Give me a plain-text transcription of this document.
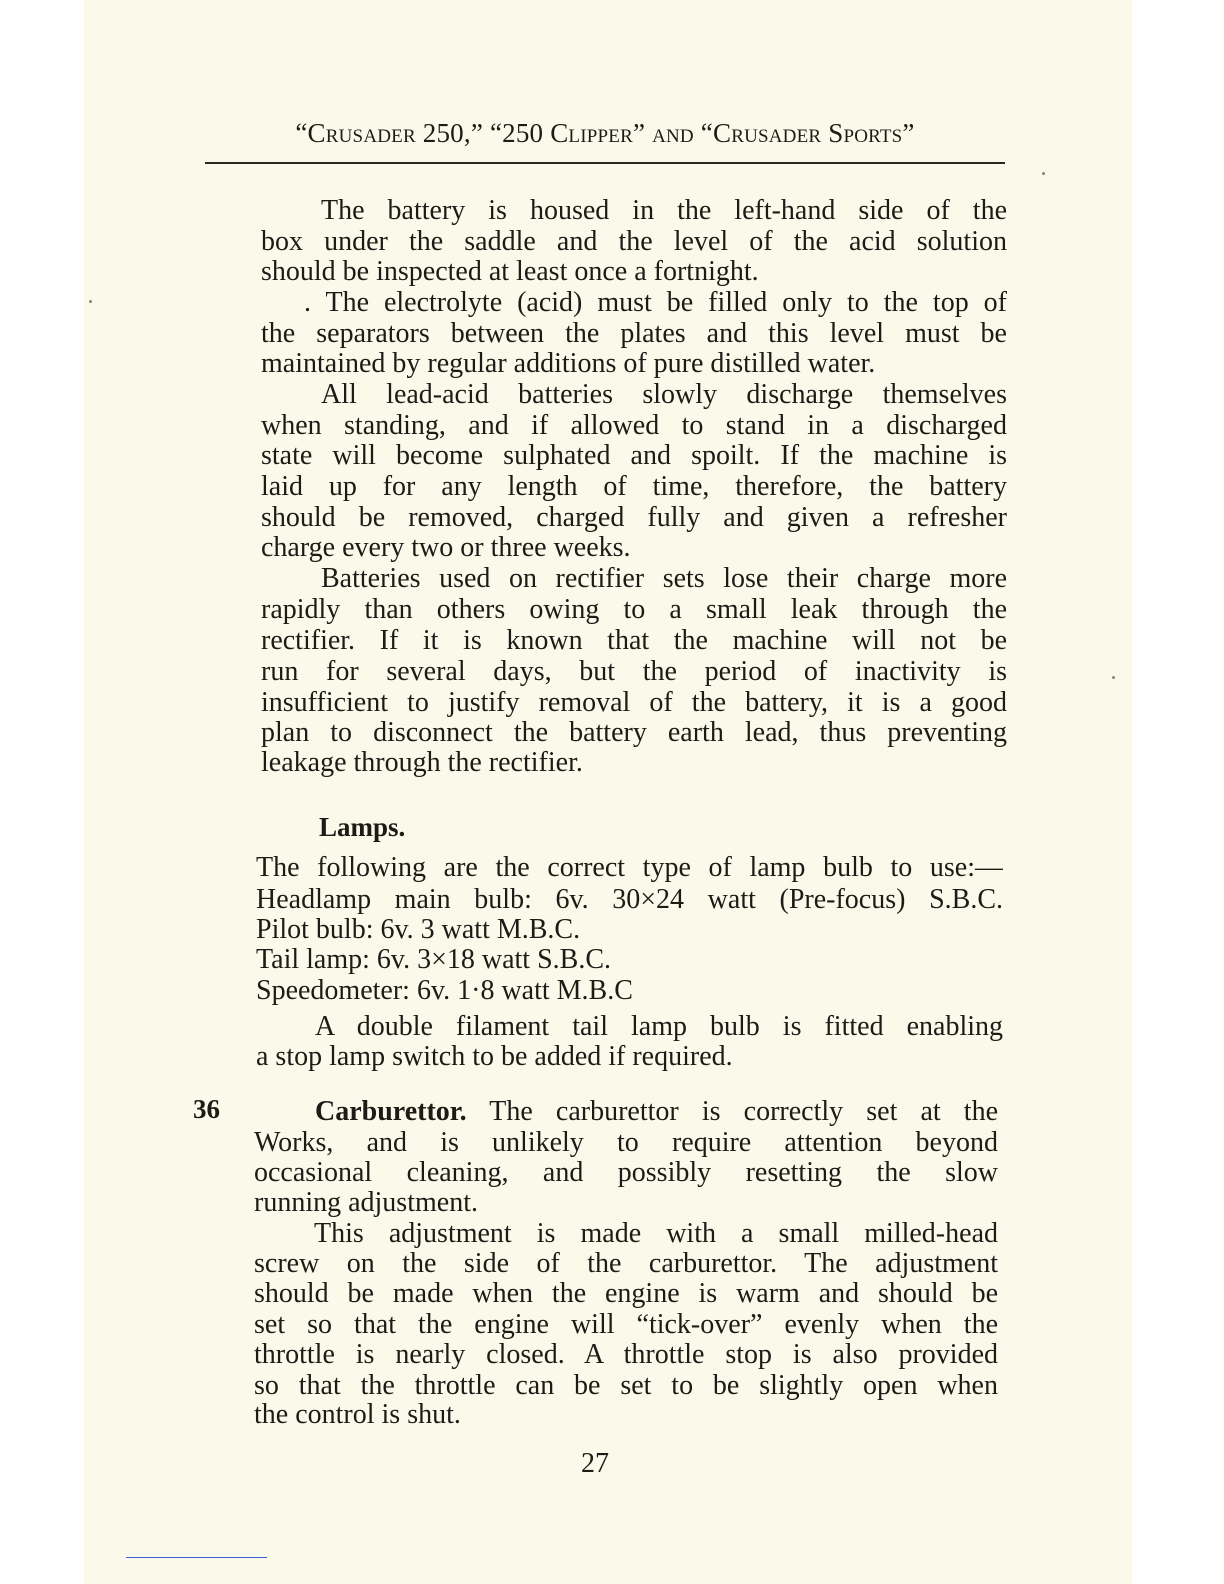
“Crusader 250,” “250 Clipper” and “Crusader Sports”
The battery is housed in the left-hand side of the
box under the saddle and the level of the acid solution
should be inspected at least once a fortnight.
. The electrolyte (acid) must be filled only to the top of
the separators between the plates and this level must be
maintained by regular additions of pure distilled water.
All lead-acid batteries slowly discharge themselves
when standing, and if allowed to stand in a discharged
state will become sulphated and spoilt. If the machine is
laid up for any length of time, therefore, the battery
should be removed, charged fully and given a refresher
charge every two or three weeks.
Batteries used on rectifier sets lose their charge more
rapidly than others owing to a small leak through the
rectifier. If it is known that the machine will not be
run for several days, but the period of inactivity is
insufficient to justify removal of the battery, it is a good
plan to disconnect the battery earth lead, thus preventing
leakage through the rectifier.
Lamps.
The following are the correct type of lamp bulb to use:—
Headlamp main bulb: 6v. 30×24 watt (Pre-focus) S.B.C.
Pilot bulb: 6v. 3 watt M.B.C.
Tail lamp: 6v. 3×18 watt S.B.C.
Speedometer: 6v. 1·8 watt M.B.C
A double filament tail lamp bulb is fitted enabling
a stop lamp switch to be added if required.
36	Carburettor. The carburettor is correctly set at the
Works, and is unlikely to require attention beyond
occasional cleaning, and possibly resetting the slow
running adjustment.
This adjustment is made with a small milled-head
screw on the side of the carburettor. The adjustment
should be made when the engine is warm and should be
set so that the engine will “tick-over” evenly when the
throttle is nearly closed. A throttle stop is also provided
so that the throttle can be set to be slightly open when
the control is shut.
27
